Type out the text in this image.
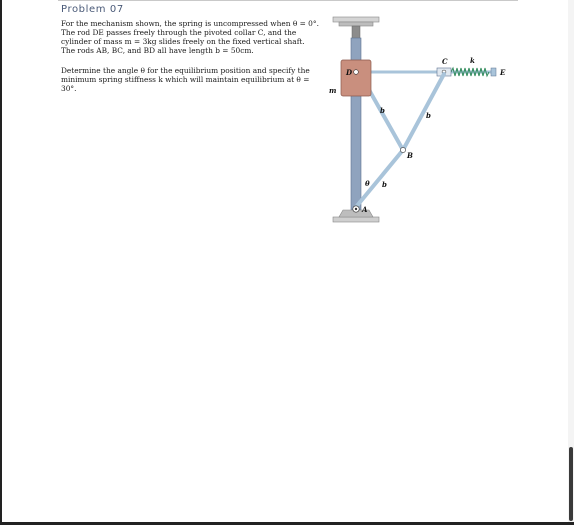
Problem 07

For the mechanism shown, the spring is uncompressed when θ = 0°. The rod DE passes freely through the pivoted collar C, and the cylinder of mass m = 3kg slides freely on the fixed vertical shaft. The rods AB, BC, and BD all have length b = 50cm.

Determine the angle θ for the equilibrium position and specify the minimum spring stiffness k which will maintain equilibrium at θ = 30°.

D
C	k
E
m
b
b
B
θ b
A
